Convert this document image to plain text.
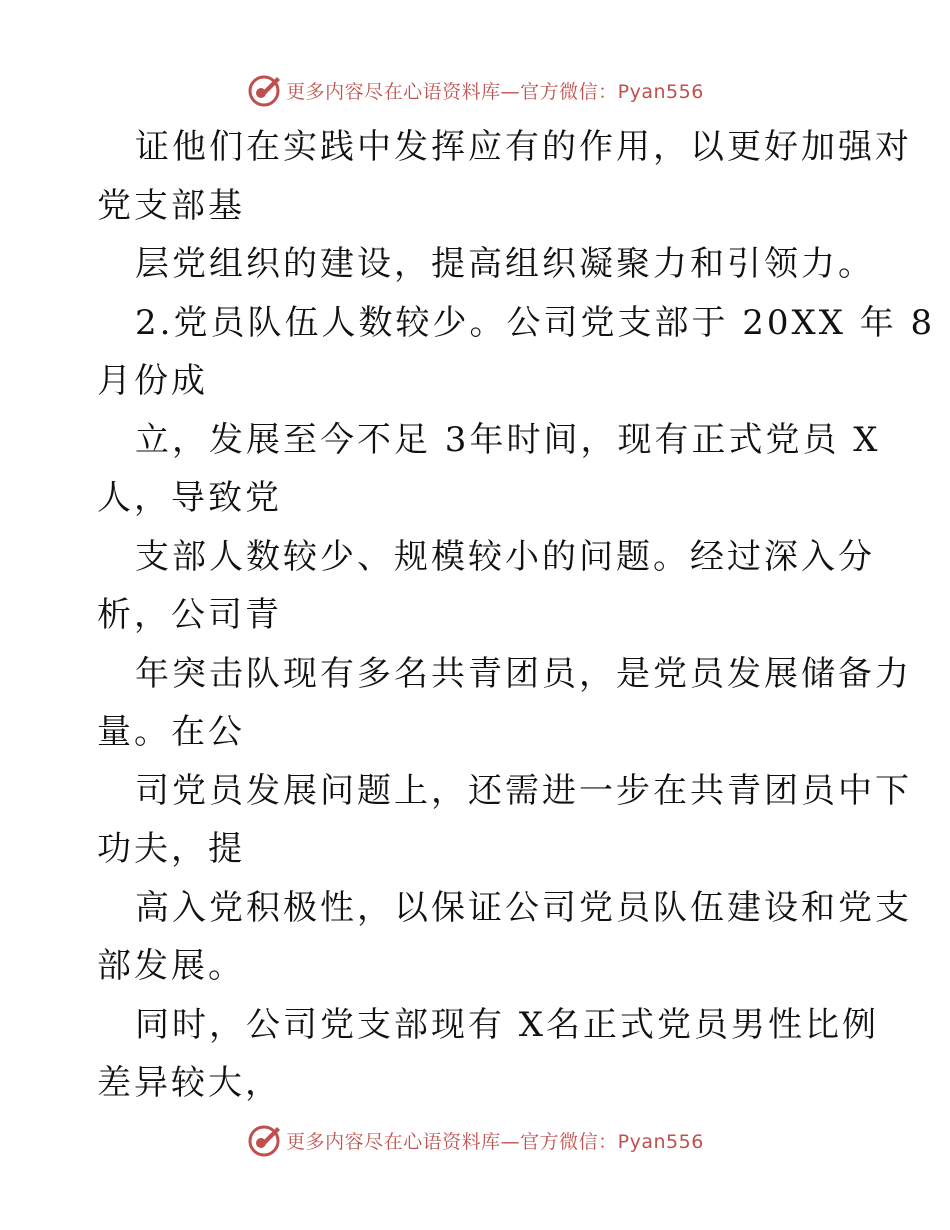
更多内容尽在心语资料库—官方微信：Pyan556
证他们在实践中发挥应有的作用，以更好加强对
党支部基
层党组织的建设，提高组织凝聚力和引领力。
2.党员队伍人数较少。公司党支部于 20XX 年 8
月份成
立，发展至今不足 3年时间，现有正式党员 X
人，导致党
支部人数较少、规模较小的问题。经过深入分
析，公司青
年突击队现有多名共青团员，是党员发展储备力
量。在公
司党员发展问题上，还需进一步在共青团员中下
功夫，提
高入党积极性，以保证公司党员队伍建设和党支
部发展。
同时，公司党支部现有 X名正式党员男性比例
差异较大，
更多内容尽在心语资料库—官方微信：Pyan556
